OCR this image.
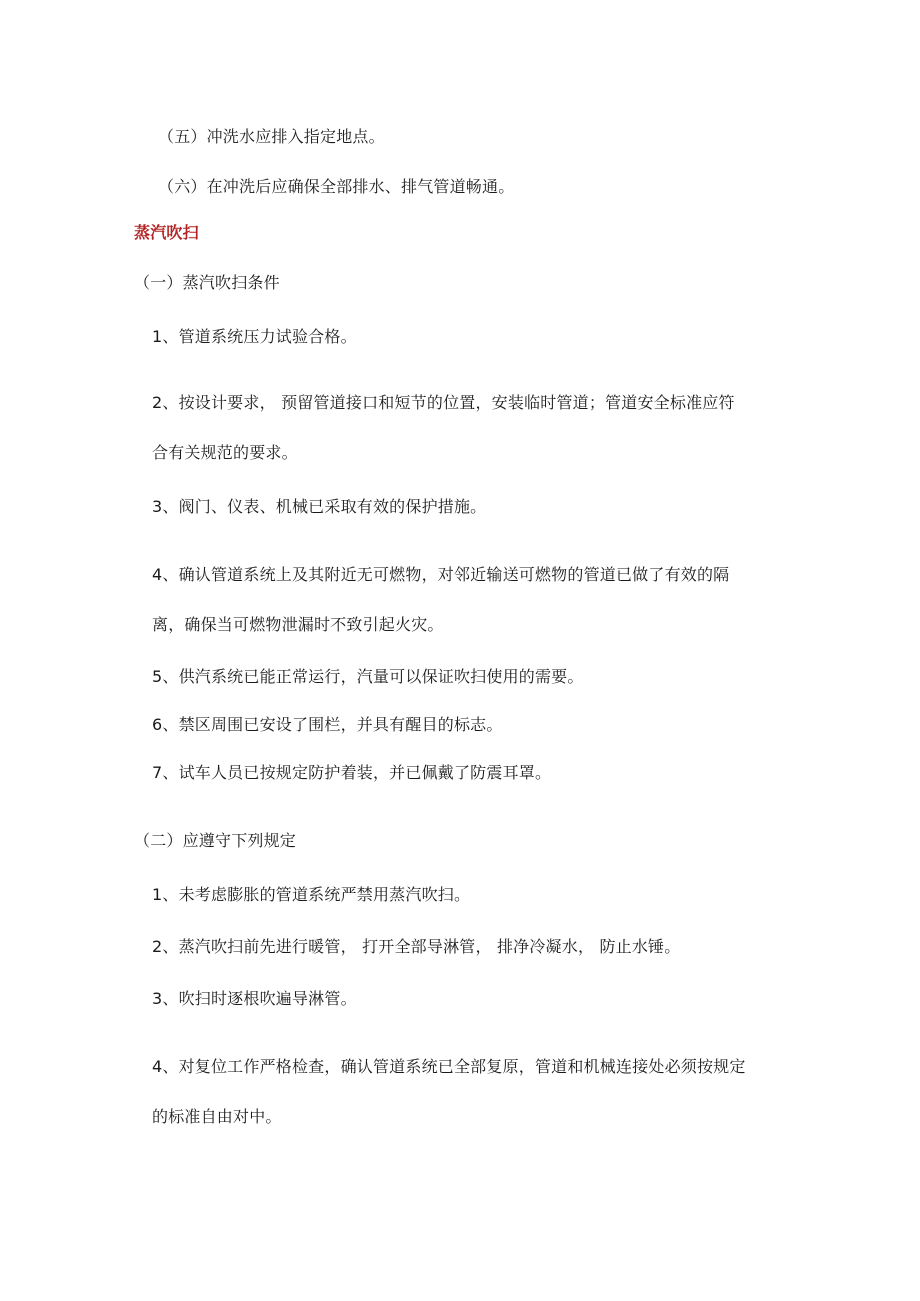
（五）冲洗水应排入指定地点。
（六）在冲洗后应确保全部排水、排气管道畅通。
蒸汽吹扫
（一）蒸汽吹扫条件
1、管道系统压力试验合格。
2、按设计要求， 预留管道接口和短节的位置，安装临时管道；管道安全标准应符
合有关规范的要求。
3、阀门、仪表、机械已采取有效的保护措施。
4、确认管道系统上及其附近无可燃物，对邻近输送可燃物的管道已做了有效的隔
离，确保当可燃物泄漏时不致引起火灾。
5、供汽系统已能正常运行，汽量可以保证吹扫使用的需要。
6、禁区周围已安设了围栏，并具有醒目的标志。
7、试车人员已按规定防护着装，并已佩戴了防震耳罩。
（二）应遵守下列规定
1、未考虑膨胀的管道系统严禁用蒸汽吹扫。
2、蒸汽吹扫前先进行暖管， 打开全部导淋管， 排净冷凝水， 防止水锤。
3、吹扫时逐根吹遍导淋管。
4、对复位工作严格检查，确认管道系统已全部复原，管道和机械连接处必须按规定
的标准自由对中。
